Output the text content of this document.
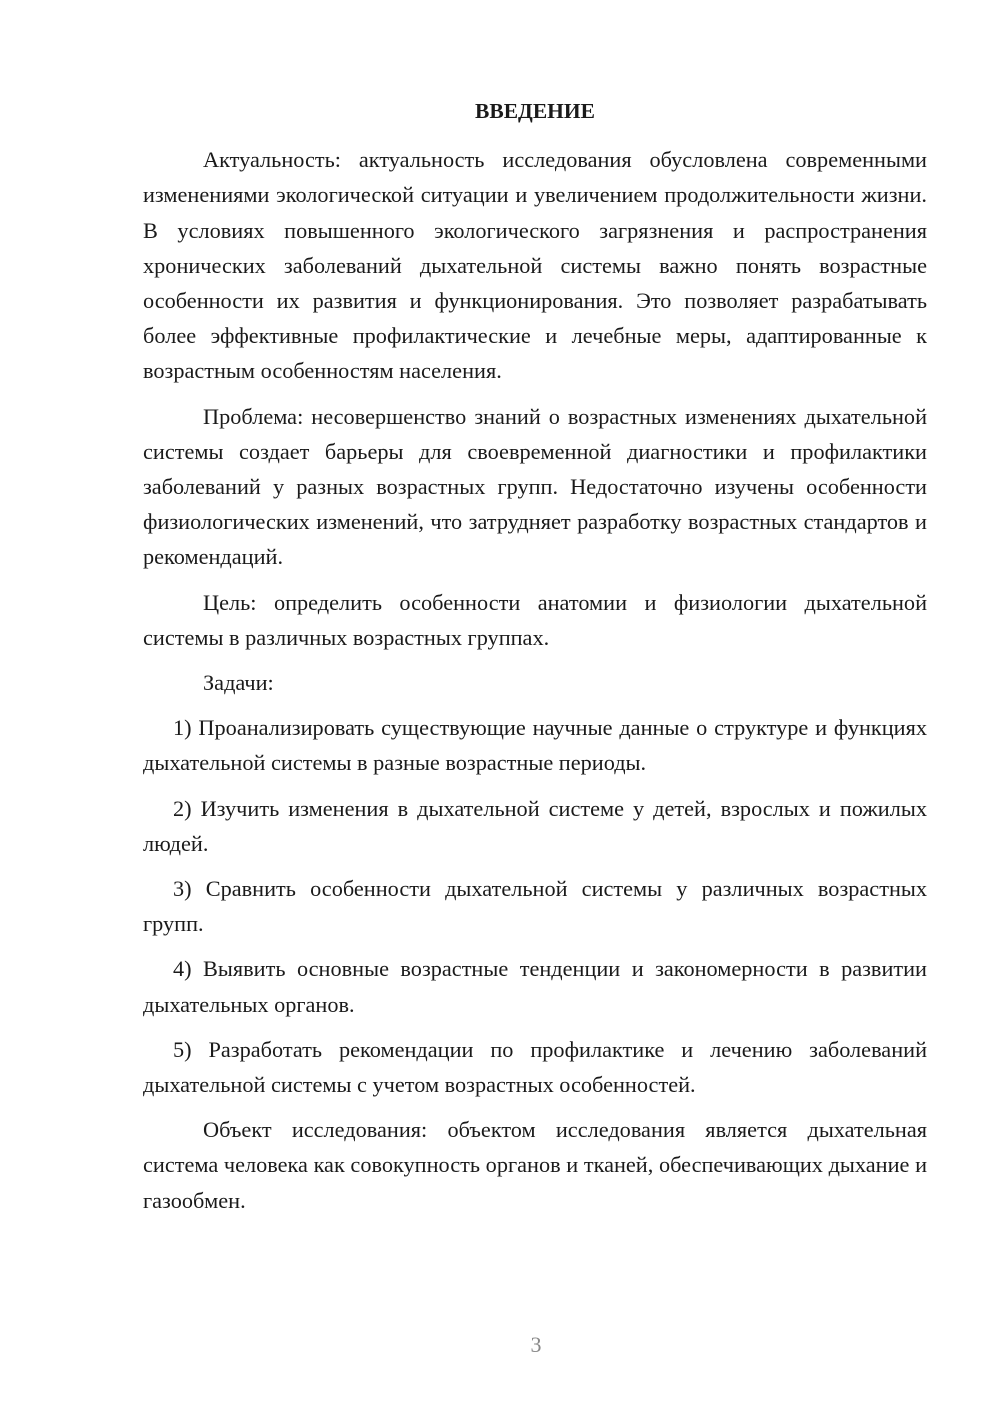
ВВЕДЕНИЕ

Актуальность: актуальность исследования обусловлена современными изменениями экологической ситуации и увеличением продолжительности жизни. В условиях повышенного экологического загрязнения и распространения хронических заболеваний дыхательной системы важно понять возрастные особенности их развития и функционирования. Это позволяет разрабатывать более эффективные профилактические и лечебные меры, адаптированные к возрастным особенностям населения.

Проблема: несовершенство знаний о возрастных изменениях дыхательной системы создает барьеры для своевременной диагностики и профилактики заболеваний у разных возрастных групп. Недостаточно изучены особенности физиологических изменений, что затрудняет разработку возрастных стандартов и рекомендаций.

Цель: определить особенности анатомии и физиологии дыхательной системы в различных возрастных группах.

Задачи:

1) Проанализировать существующие научные данные о структуре и функциях дыхательной системы в разные возрастные периоды.

2) Изучить изменения в дыхательной системе у детей, взрослых и пожилых людей.

3) Сравнить особенности дыхательной системы у различных возрастных групп.

4) Выявить основные возрастные тенденции и закономерности в развитии дыхательных органов.

5) Разработать рекомендации по профилактике и лечению заболеваний дыхательной системы с учетом возрастных особенностей.

Объект исследования: объектом исследования является дыхательная система человека как совокупность органов и тканей, обеспечивающих дыхание и газообмен.

3
